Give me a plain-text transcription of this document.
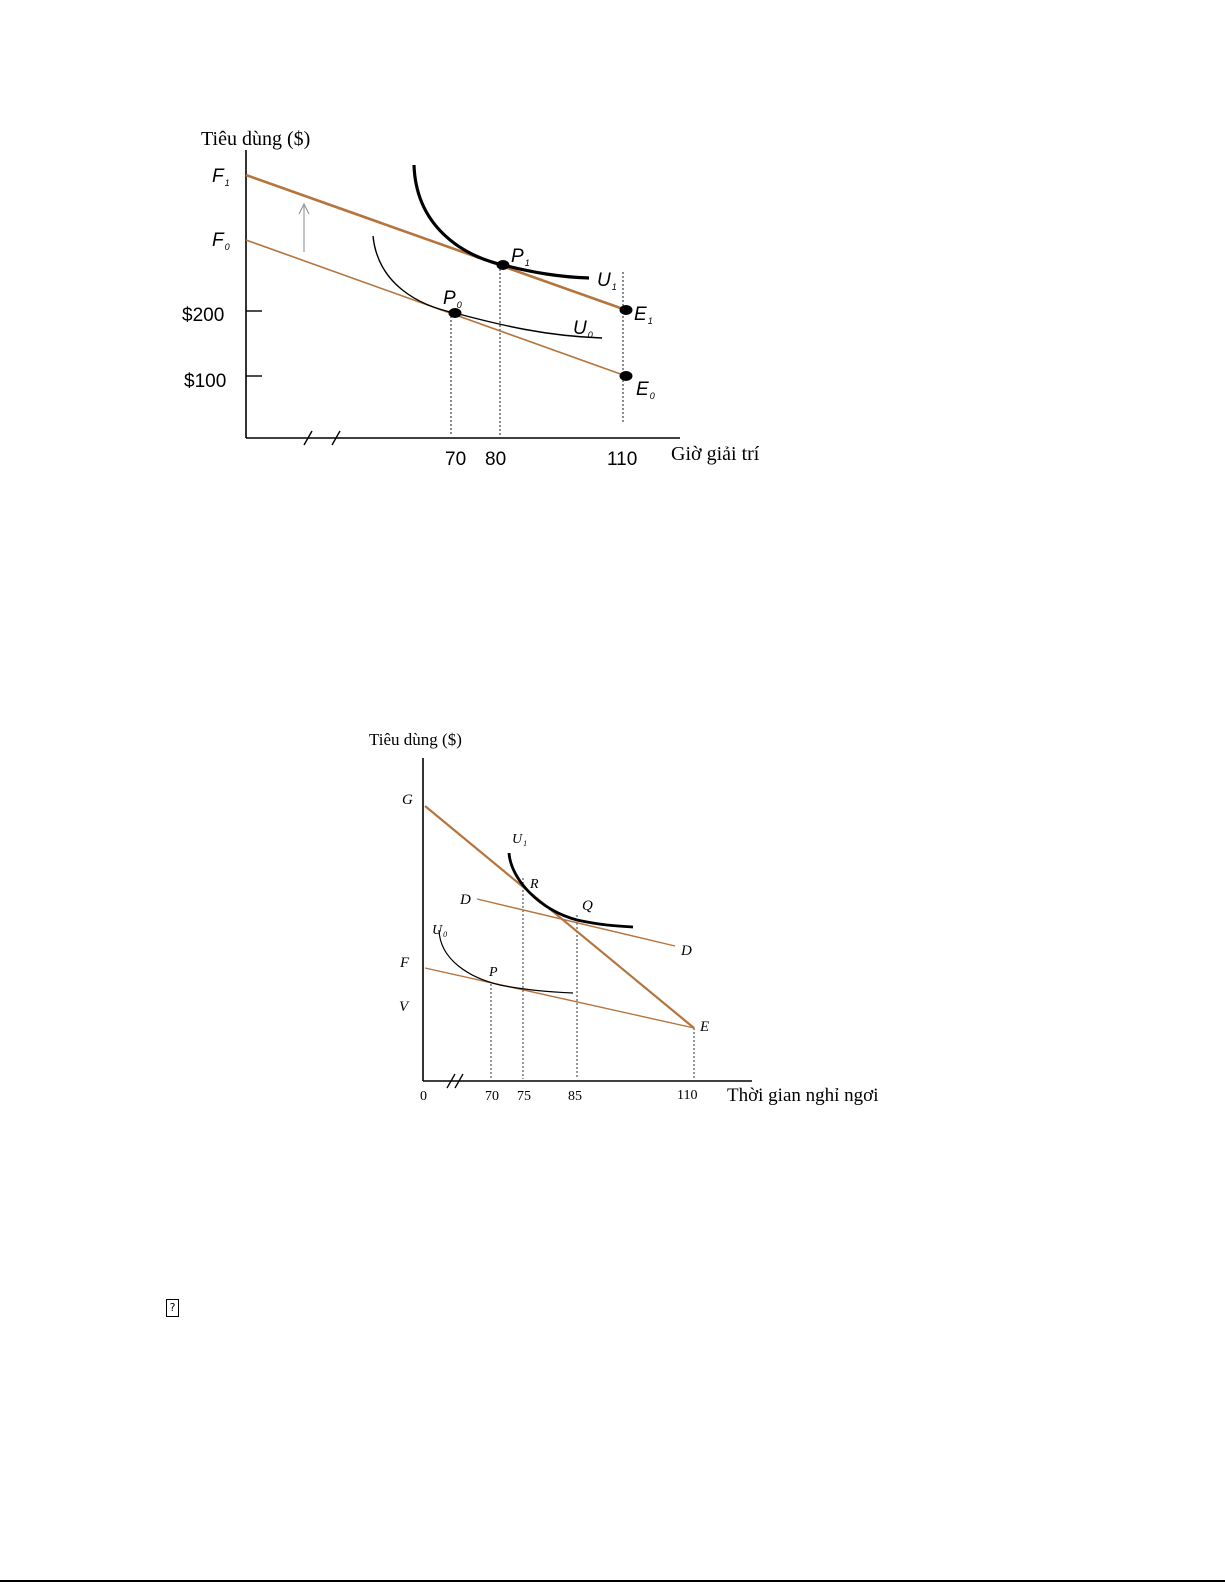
Tiêu dùng ($)
Giờ giải trí
$200
$100
70 80	110
$F_1$
$F_0$	$P_1$
$P_0$	$E_1$
$E_0$
$U_1$
$U_0$
Tiêu dùng ($)
Thời gian nghỉ ngơi
0	70 75	85	110
G
F
V
E
R
Q
P
D
D
U1
U0
?
